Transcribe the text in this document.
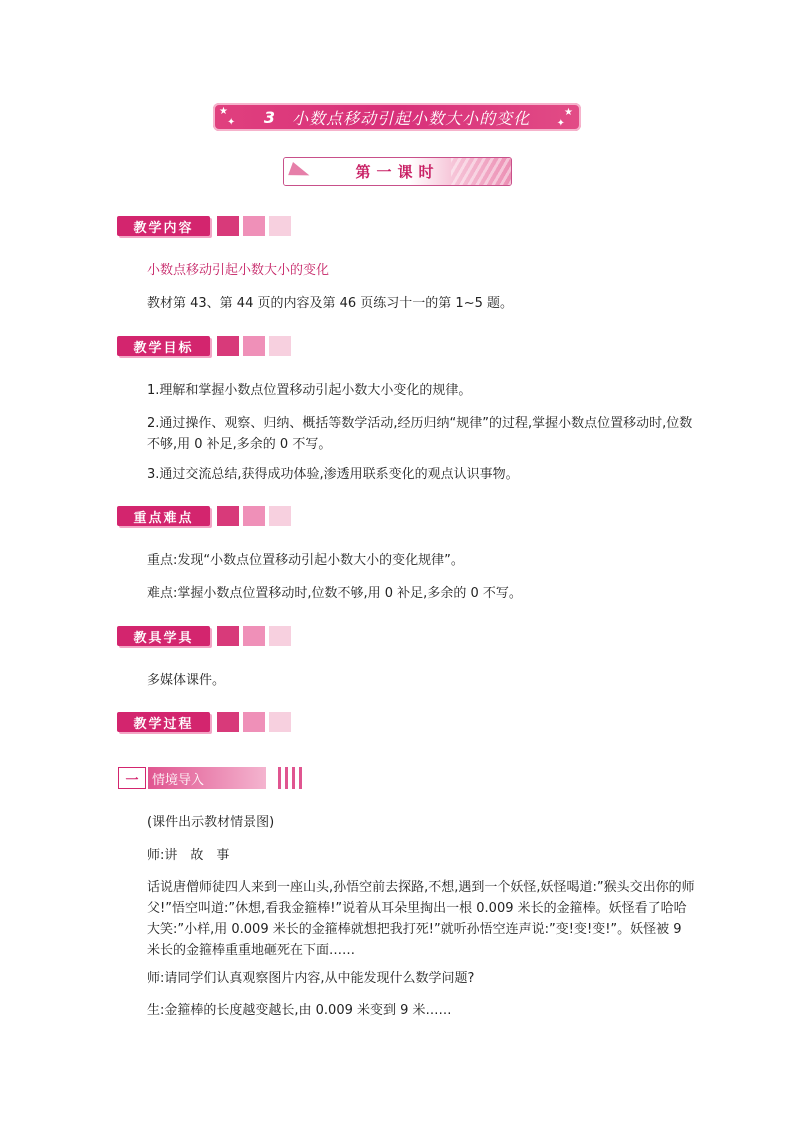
★
✦
★
✦
3 小数点移动引起小数大小的变化
第一课时
教学内容
小数点移动引起小数大小的变化
教材第 43、第 44 页的内容及第 46 页练习十一的第 1~5 题。
教学目标
1.理解和掌握小数点位置移动引起小数大小变化的规律。
2.通过操作、观察、归纳、概括等数学活动,经历归纳“规律”的过程,掌握小数点位置移动时,位数不够,用 0 补足,多余的 0 不写。
3.通过交流总结,获得成功体验,渗透用联系变化的观点认识事物。
重点难点
重点:发现“小数点位置移动引起小数大小的变化规律”。
难点:掌握小数点位置移动时,位数不够,用 0 补足,多余的 0 不写。
教具学具
多媒体课件。
教学过程
一	情境导入
(课件出示教材情景图)
师:讲　故　事
话说唐僧师徒四人来到一座山头,孙悟空前去探路,不想,遇到一个妖怪,妖怪喝道:”猴头交出你的师父!”悟空叫道:”休想,看我金箍棒!”说着从耳朵里掏出一根 0.009 米长的金箍棒。妖怪看了哈哈大笑:”小样,用 0.009 米长的金箍棒就想把我打死!”就听孙悟空连声说:”变!变!变!”。妖怪被 9 米长的金箍棒重重地砸死在下面……
师:请同学们认真观察图片内容,从中能发现什么数学问题?
生:金箍棒的长度越变越长,由 0.009 米变到 9 米……
